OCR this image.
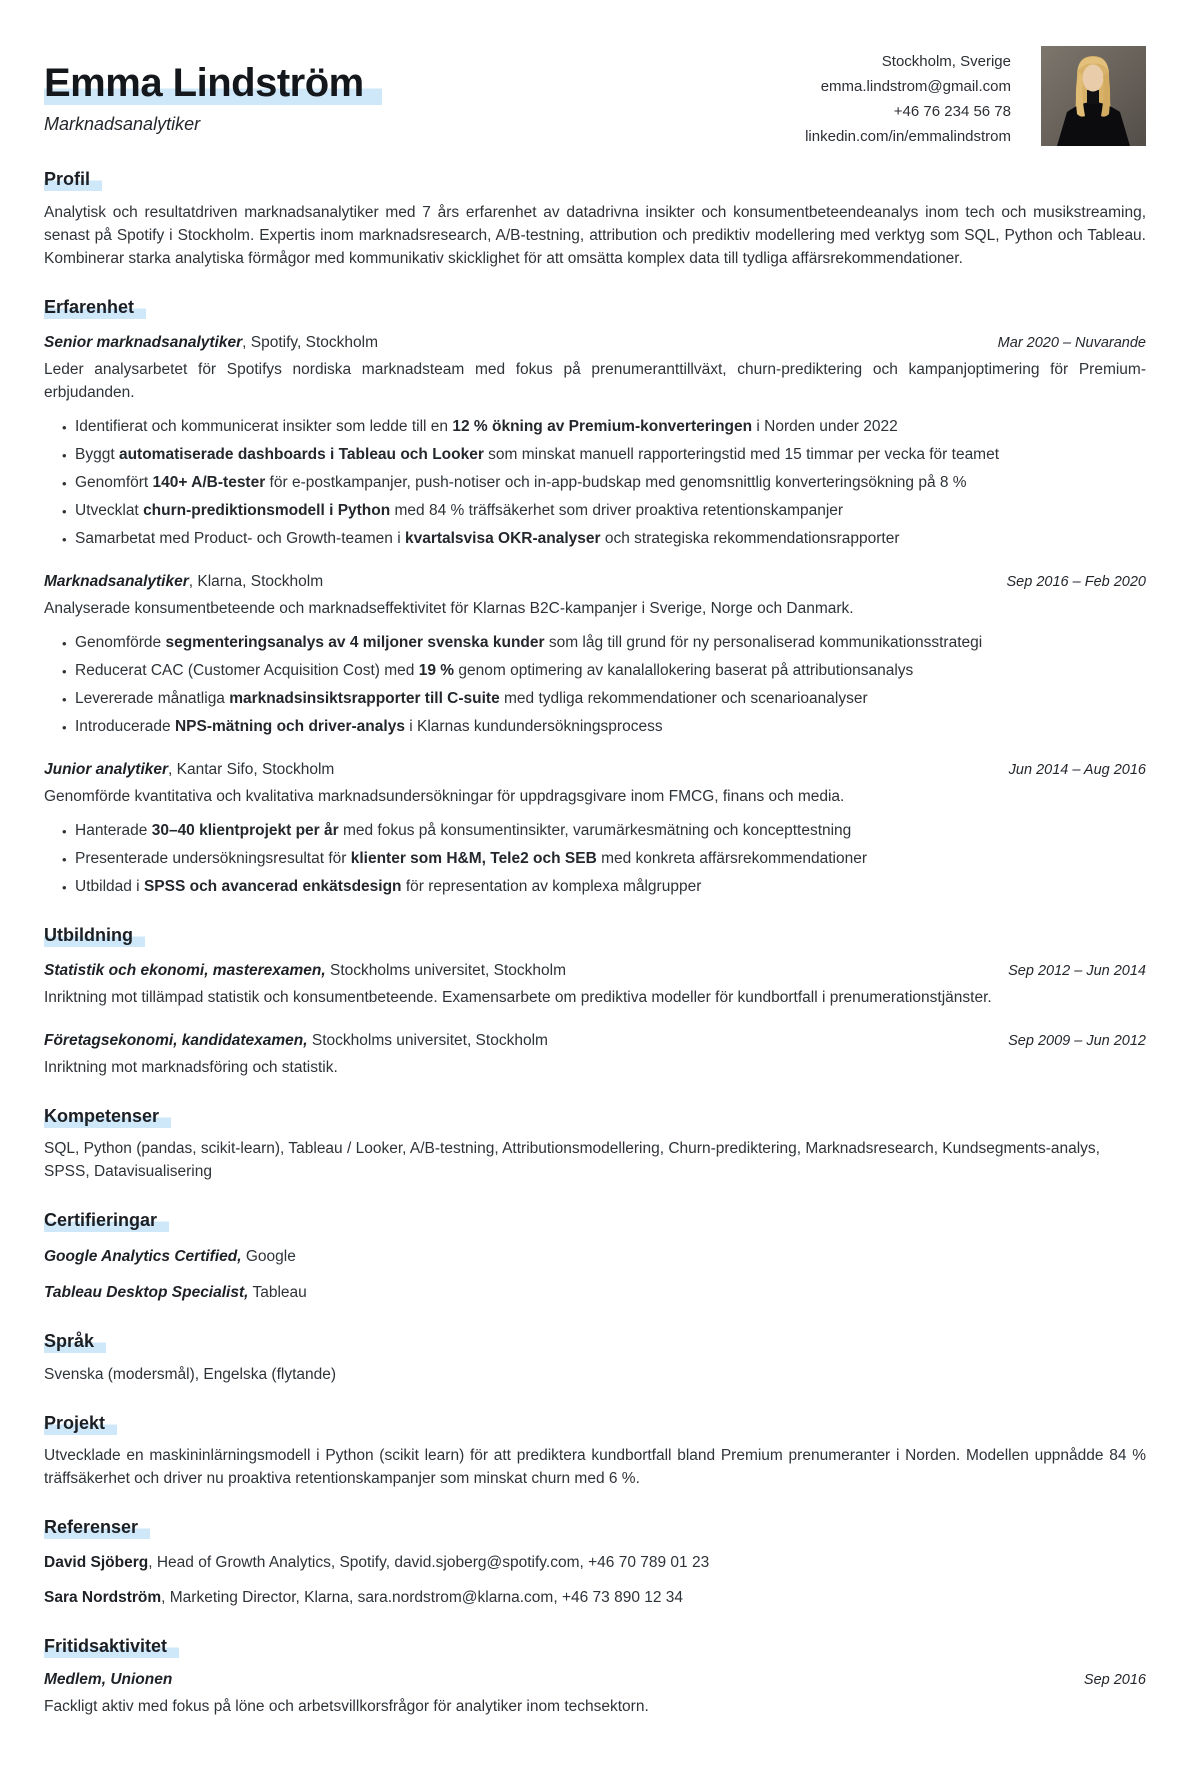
Emma Lindström
Marknadsanalytiker
Stockholm, Sverige
emma.lindstrom@gmail.com
+46 76 234 56 78
linkedin.com/in/emmalindstrom
Profil

Analytisk och resultatdriven marknadsanalytiker med 7 års erfarenhet av datadrivna insikter och konsumentbeteendeanalys inom tech och musikstreaming, senast på Spotify i Stockholm. Expertis inom marknadsresearch, A/B-testning, attribution och prediktiv modellering med verktyg som SQL, Python och Tableau. Kombinerar starka analytiska förmågor med kommunikativ skicklighet för att omsätta komplex data till tydliga affärsrekommendationer.

Erfarenhet
Senior marknadsanalytiker, Spotify, Stockholm	Mar 2020 – Nuvarande

Leder analysarbetet för Spotifys nordiska marknadsteam med fokus på prenumeranttillväxt, churn-prediktering och kampanjoptimering för Premium-erbjudanden.

• Identifierat och kommunicerat insikter som ledde till en 12 % ökning av Premium-konverteringen i Norden under 2022
• Byggt automatiserade dashboards i Tableau och Looker som minskat manuell rapporteringstid med 15 timmar per vecka för teamet
• Genomfört 140+ A/B-tester för e-postkampanjer, push-notiser och in-app-budskap med genomsnittlig konverteringsökning på 8 %
• Utvecklat churn-prediktionsmodell i Python med 84 % träffsäkerhet som driver proaktiva retentionskampanjer
• Samarbetat med Product- och Growth-teamen i kvartalsvisa OKR-analyser och strategiska rekommendationsrapporter
Marknadsanalytiker, Klarna, Stockholm	Sep 2016 – Feb 2020

Analyserade konsumentbeteende och marknadseffektivitet för Klarnas B2C-kampanjer i Sverige, Norge och Danmark.

• Genomförde segmenteringsanalys av 4 miljoner svenska kunder som låg till grund för ny personaliserad kommunikationsstrategi
• Reducerat CAC (Customer Acquisition Cost) med 19 % genom optimering av kanalallokering baserat på attributionsanalys
• Levererade månatliga marknadsinsiktsrapporter till C-suite med tydliga rekommendationer och scenarioanalyser
• Introducerade NPS-mätning och driver-analys i Klarnas kundundersökningsprocess
Junior analytiker, Kantar Sifo, Stockholm	Jun 2014 – Aug 2016

Genomförde kvantitativa och kvalitativa marknadsundersökningar för uppdragsgivare inom FMCG, finans och media.

• Hanterade 30–40 klientprojekt per år med fokus på konsumentinsikter, varumärkesmätning och koncepttestning
• Presenterade undersökningsresultat för klienter som H&M, Tele2 och SEB med konkreta affärsrekommendationer
• Utbildad i SPSS och avancerad enkätsdesign för representation av komplexa målgrupper
Utbildning
Statistik och ekonomi, masterexamen, Stockholms universitet, Stockholm	Sep 2012 – Jun 2014

Inriktning mot tillämpad statistik och konsumentbeteende. Examensarbete om prediktiva modeller för kundbortfall i prenumerationstjänster.

Företagsekonomi, kandidatexamen, Stockholms universitet, Stockholm	Sep 2009 – Jun 2012

Inriktning mot marknadsföring och statistik.

Kompetenser

SQL, Python (pandas, scikit-learn), Tableau / Looker, A/B-testning, Attributionsmodellering, Churn-prediktering, Marknadsresearch, Kundsegments-analys, SPSS, Datavisualisering

Certifieringar

Google Analytics Certified, Google

Tableau Desktop Specialist, Tableau

Språk

Svenska (modersmål), Engelska (flytande)

Projekt

Utvecklade en maskininlärningsmodell i Python (scikit learn) för att prediktera kundbortfall bland Premium prenumeranter i Norden. Modellen uppnådde 84 % träffsäkerhet och driver nu proaktiva retentionskampanjer som minskat churn med 6 %.

Referenser

David Sjöberg, Head of Growth Analytics, Spotify, david.sjoberg@spotify.com, +46 70 789 01 23

Sara Nordström, Marketing Director, Klarna, sara.nordstrom@klarna.com, +46 73 890 12 34

Fritidsaktivitet
Medlem, Unionen	Sep 2016

Fackligt aktiv med fokus på löne och arbetsvillkorsfrågor för analytiker inom techsektorn.
